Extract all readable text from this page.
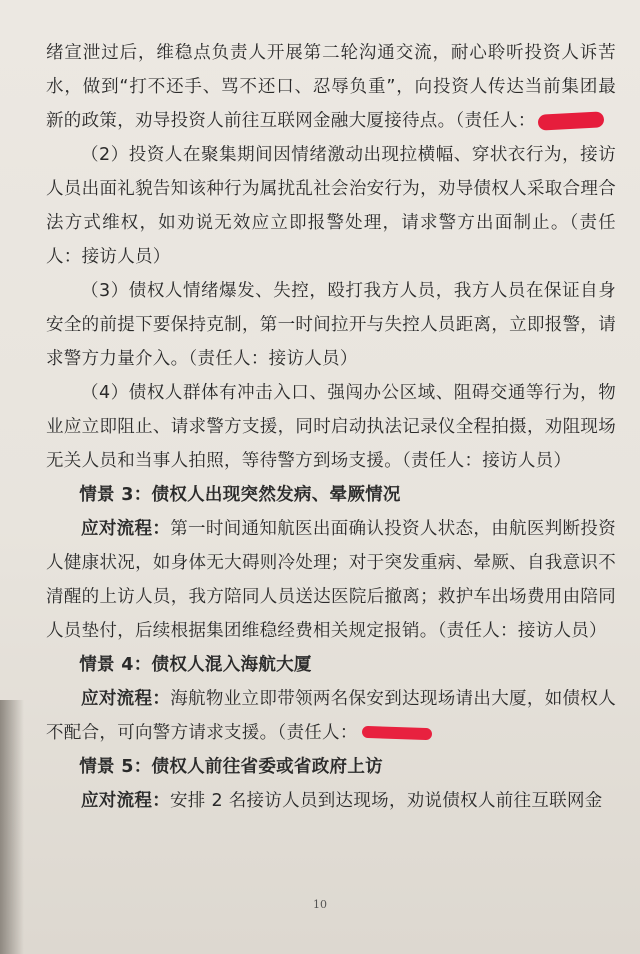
绪宣泄过后，维稳点负责人开展第二轮沟通交流，耐心聆听投资人诉苦水，做到“打不还手、骂不还口、忍辱负重”，向投资人传达当前集团最新的政策，劝导投资人前往互联网金融大厦接待点。（责任人：

（2）投资人在聚集期间因情绪激动出现拉横幅、穿状衣行为，接访人员出面礼貌告知该种行为属扰乱社会治安行为，劝导债权人采取合理合法方式维权，如劝说无效应立即报警处理，请求警方出面制止。（责任人：接访人员）

（3）债权人情绪爆发、失控，殴打我方人员，我方人员在保证自身安全的前提下要保持克制，第一时间拉开与失控人员距离，立即报警，请求警方力量介入。（责任人：接访人员）

（4）债权人群体有冲击入口、强闯办公区域、阻碍交通等行为，物业应立即阻止、请求警方支援，同时启动执法记录仪全程拍摄，劝阻现场无关人员和当事人拍照，等待警方到场支援。（责任人：接访人员）

情景 3：债权人出现突然发病、晕厥情况

应对流程：第一时间通知航医出面确认投资人状态，由航医判断投资人健康状况，如身体无大碍则冷处理；对于突发重病、晕厥、自我意识不清醒的上访人员，我方陪同人员送达医院后撤离；救护车出场费用由陪同人员垫付，后续根据集团维稳经费相关规定报销。（责任人：接访人员）

情景 4：债权人混入海航大厦

应对流程：海航物业立即带领两名保安到达现场请出大厦，如债权人不配合，可向警方请求支援。（责任人：

情景 5：债权人前往省委或省政府上访

应对流程：安排 2 名接访人员到达现场，劝说债权人前往互联网金

10
